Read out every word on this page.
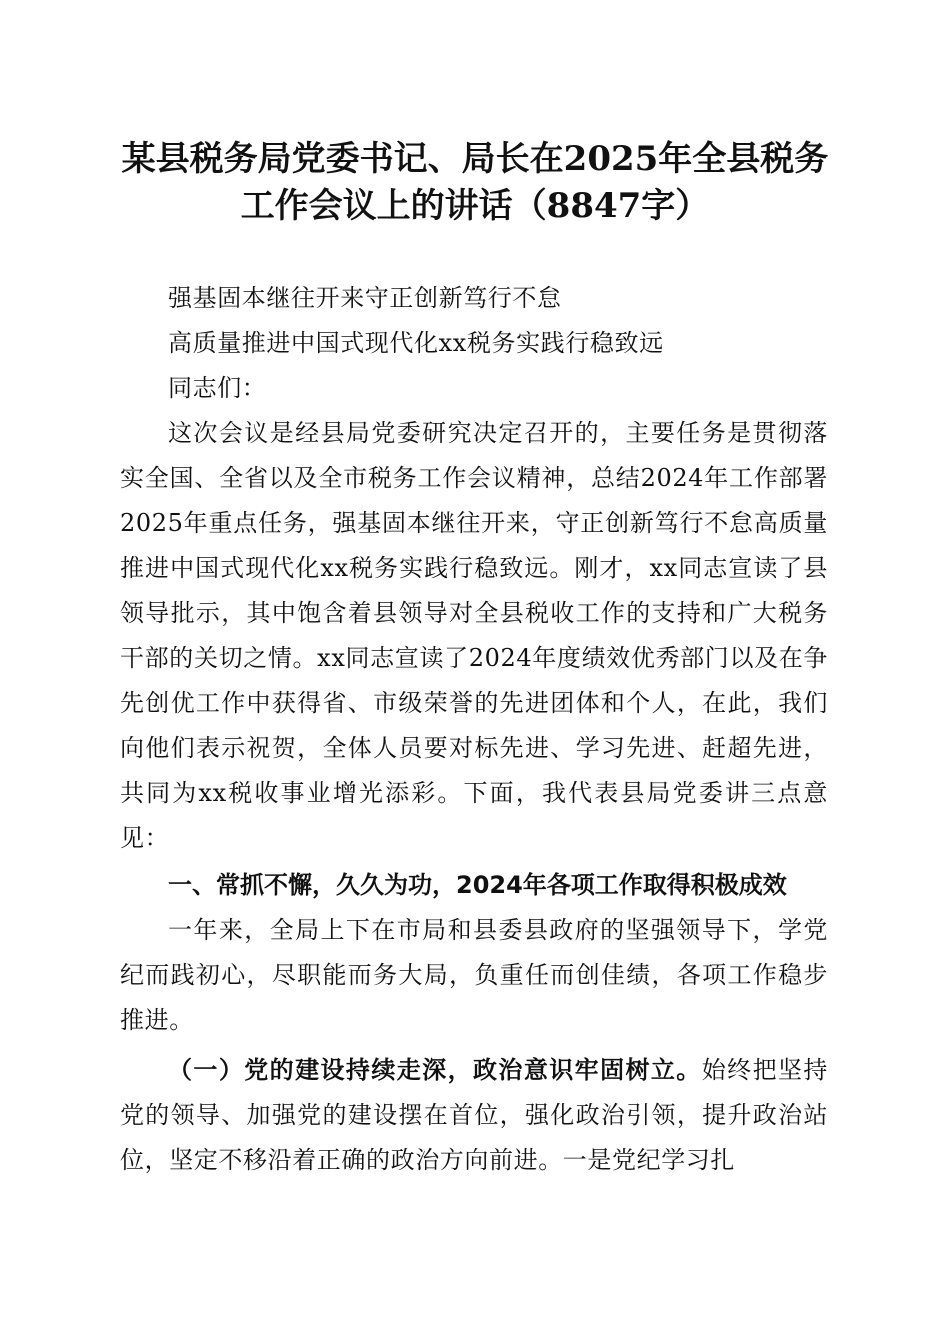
某县税务局党委书记、局长在2025年全县税务工作会议上的讲话（8847字）

强基固本继往开来守正创新笃行不怠

高质量推进中国式现代化xx税务实践行稳致远

同志们：

这次会议是经县局党委研究决定召开的，主要任务是贯彻落实全国、全省以及全市税务工作会议精神，总结2024年工作部署2025年重点任务，强基固本继往开来，守正创新笃行不怠高质量推进中国式现代化xx税务实践行稳致远。刚才，xx同志宣读了县领导批示，其中饱含着县领导对全县税收工作的支持和广大税务干部的关切之情。xx同志宣读了2024年度绩效优秀部门以及在争先创优工作中获得省、市级荣誉的先进团体和个人，在此，我们向他们表示祝贺，全体人员要对标先进、学习先进、赶超先进，共同为xx税收事业增光添彩。下面，我代表县局党委讲三点意见：

一、常抓不懈，久久为功，2024年各项工作取得积极成效

一年来，全局上下在市局和县委县政府的坚强领导下，学党纪而践初心，尽职能而务大局，负重任而创佳绩，各项工作稳步推进。

（一）党的建设持续走深，政治意识牢固树立。始终把坚持党的领导、加强党的建设摆在首位，强化政治引领，提升政治站位，坚定不移沿着正确的政治方向前进。一是党纪学习扎
